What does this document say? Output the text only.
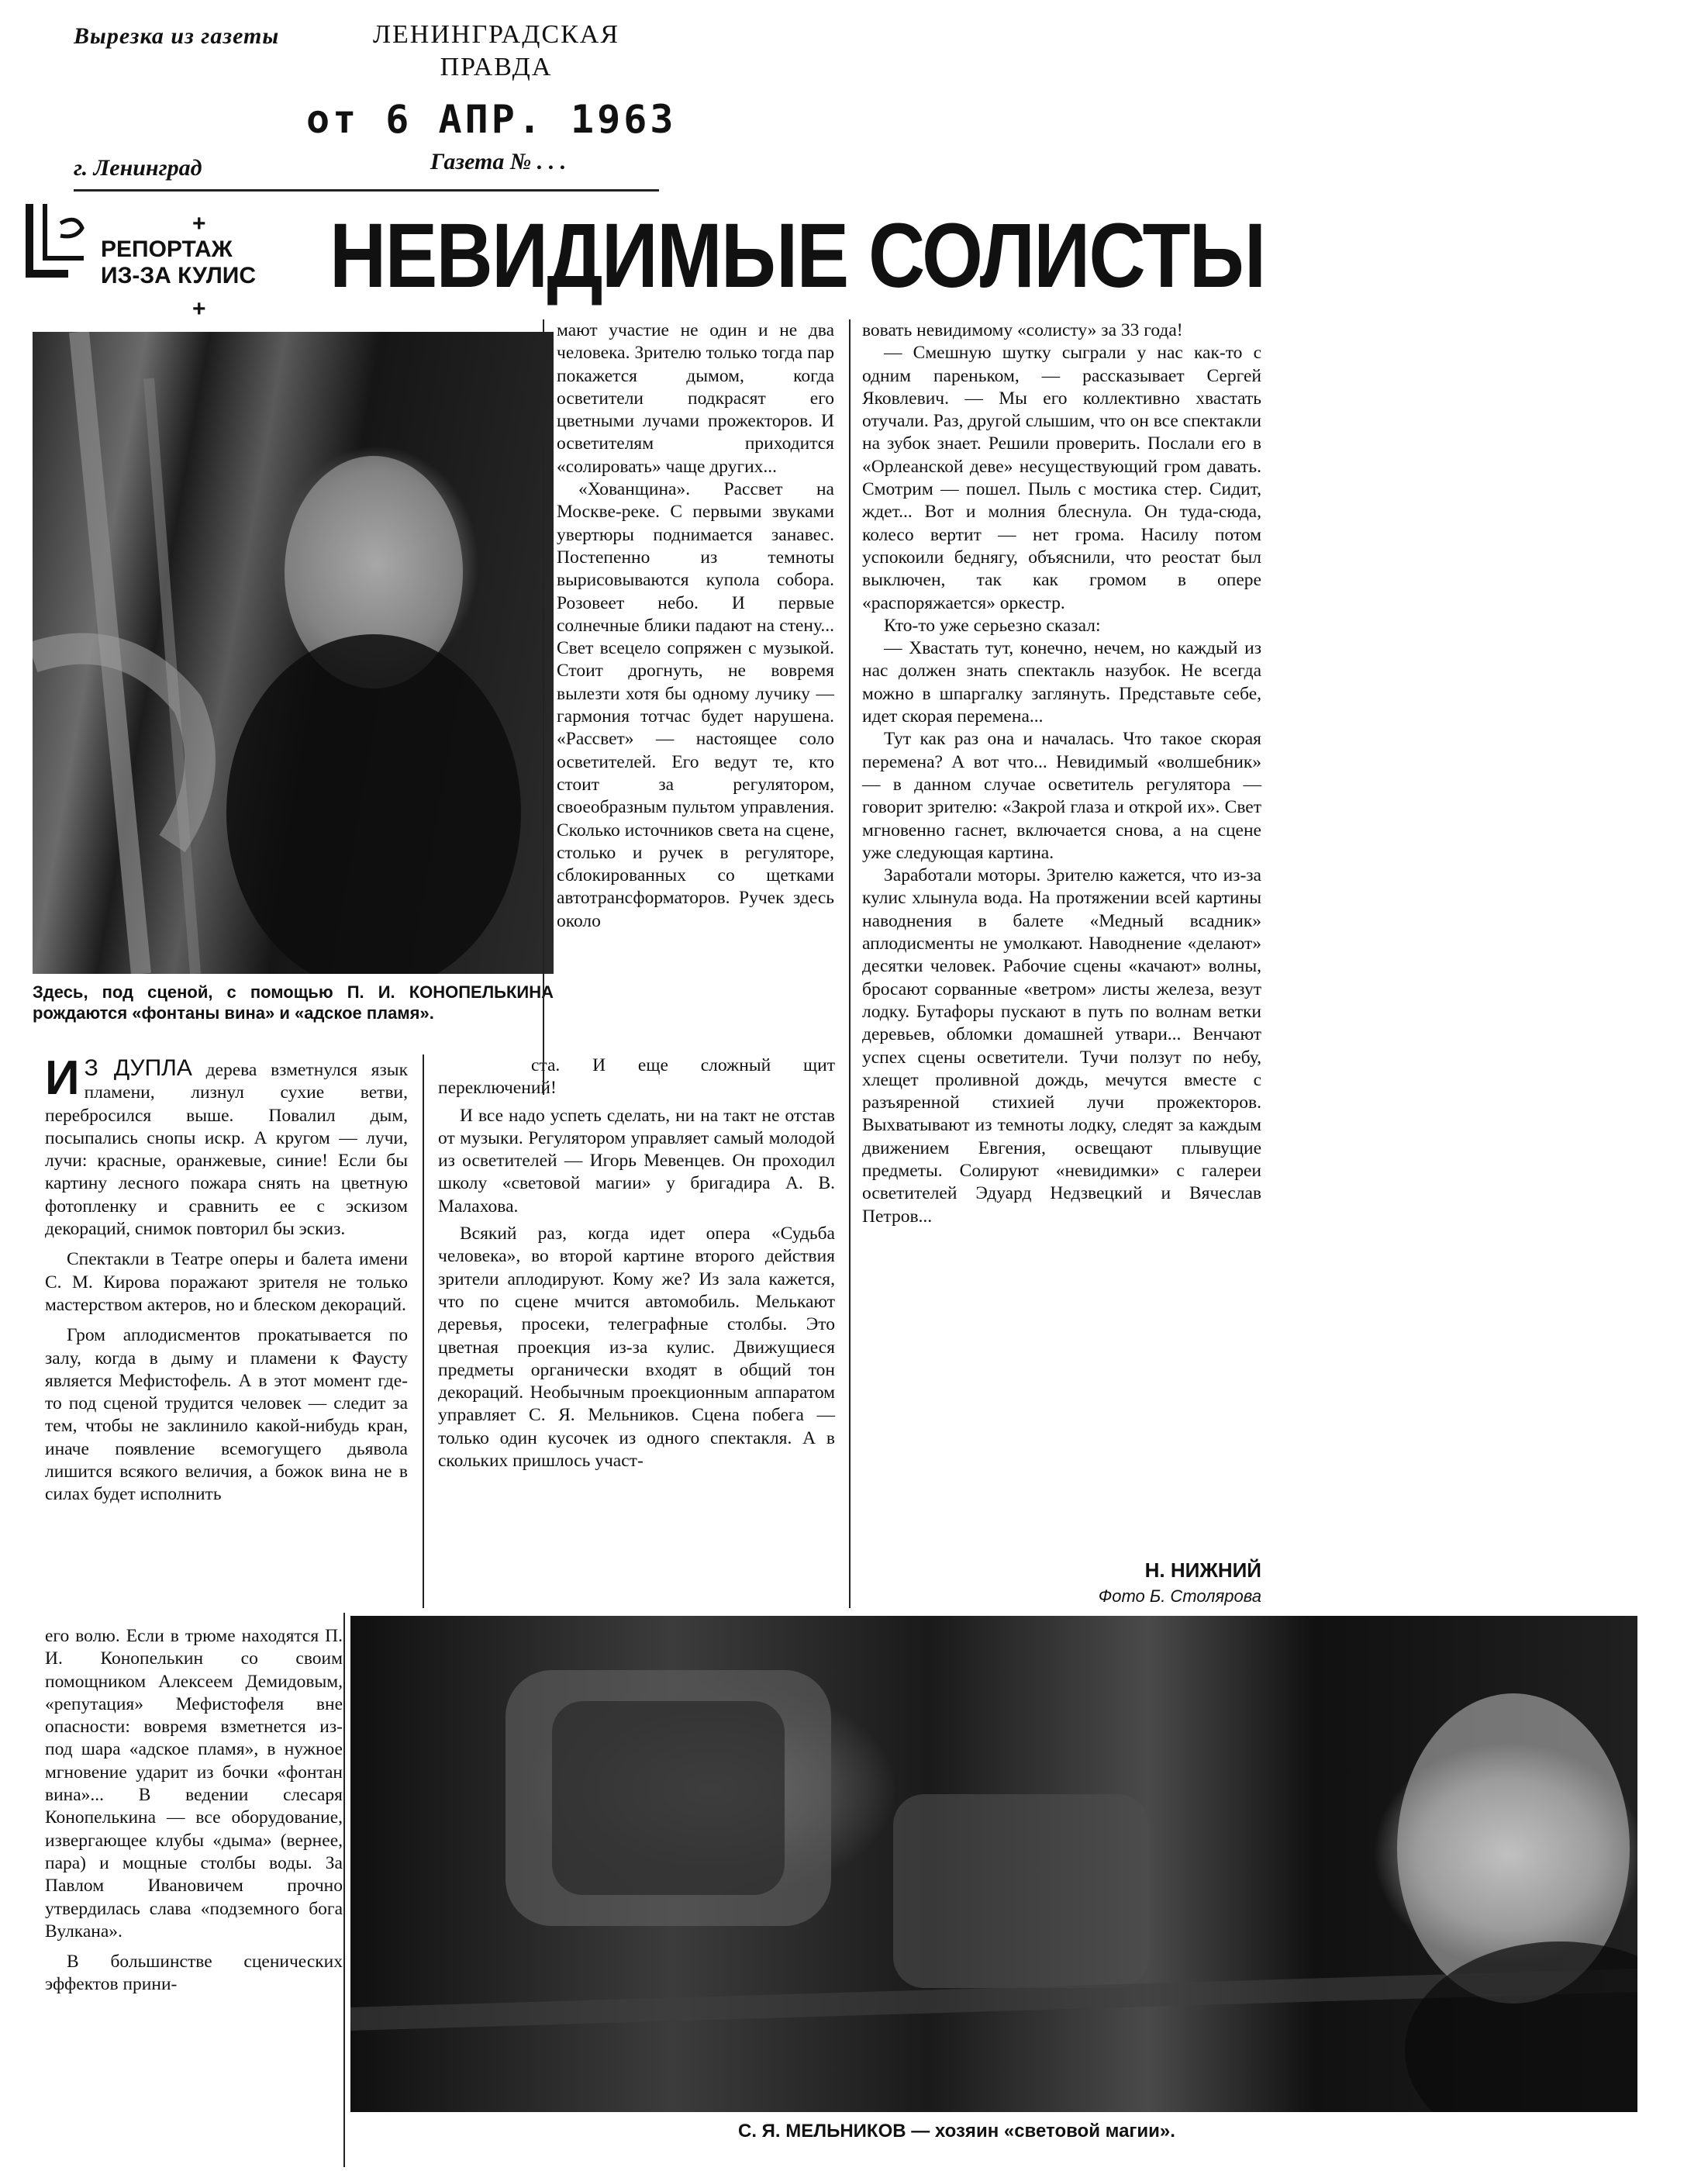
Вырезка из газеты	ЛЕНИНГРАДСКАЯ
ПРАВДА
от 6 АПР. 1963
г. Ленинград	Газета № . . .
+
РЕПОРТАЖ
ИЗ-ЗА КУЛИС
+
НЕВИДИМЫЕ СОЛИСТЫ
Здесь, под сценой, с помощью П. И. КОНОПЕЛЬКИНА рождаются «фонтаны вина» и «адское пламя».

И З ДУПЛА дерева взметнулся язык пламени, лизнул сухие ветви, перебросился выше. Повалил дым, посыпались снопы искр. А кругом — лучи, лучи: красные, оранжевые, синие! Если бы картину лесного пожара снять на цветную фотопленку и сравнить ее с эскизом декораций, снимок повторил бы эскиз.

Спектакли в Театре оперы и балета имени С. М. Кирова поражают зрителя не только мастерством актеров, но и блеском декораций.

Гром аплодисментов прокатывается по залу, когда в дыму и пламени к Фаусту является Мефистофель. А в этот момент где-то под сценой трудится человек — следит за тем, чтобы не заклинило какой-нибудь кран, иначе появление всемогущего дьявола лишится всякого величия, а божок вина не в силах будет исполнить

его волю. Если в трюме находятся П. И. Конопелькин со своим помощником Алексеем Демидовым, «репутация» Мефистофеля вне опасности: вовремя взметнется из-под шара «адское пламя», в нужное мгновение ударит из бочки «фонтан вина»... В ведении слесаря Конопелькина — все оборудование, извергающее клубы «дыма» (вернее, пара) и мощные столбы воды. За Павлом Ивановичем прочно утвердилась слава «подземного бога Вулкана».

В большинстве сценических эффектов прини-

мают участие не один и не два человека. Зрителю только тогда пар покажется дымом, когда осветители подкрасят его цветными лучами прожекторов. И осветителям приходится «солировать» чаще других...

«Хованщина». Рассвет на Москве-реке. С первыми звуками увертюры поднимается занавес. Постепенно из темноты вырисовываются купола собора. Розовеет небо. И первые солнечные блики падают на стену... Свет всецело сопряжен с музыкой. Стоит дрогнуть, не вовремя вылезти хотя бы одному лучику — гармония тотчас будет нарушена. «Рассвет» — настоящее соло осветителей. Его ведут те, кто стоит за регулятором, своеобразным пультом управления. Сколько источников света на сцене, столько и ручек в регуляторе, сблокированных со щетками автотрансформаторов. Ручек здесь около

ста. И еще сложный щит переключений!

И все надо успеть сделать, ни на такт не отстав от музыки. Регулятором управляет самый молодой из осветителей — Игорь Мевенцев. Он проходил школу «световой магии» у бригадира А. В. Малахова.

Всякий раз, когда идет опера «Судьба человека», во второй картине второго действия зрители аплодируют. Кому же? Из зала кажется, что по сцене мчится автомобиль. Мелькают деревья, просеки, телеграфные столбы. Это цветная проекция из-за кулис. Движущиеся предметы органически входят в общий тон декораций. Необычным проекционным аппаратом управляет С. Я. Мельников. Сцена побега — только один кусочек из одного спектакля. А в скольких пришлось участ-

вовать невидимому «солисту» за 33 года!

— Смешную шутку сыграли у нас как-то с одним пареньком, — рассказывает Сергей Яковлевич. — Мы его коллективно хвастать отучали. Раз, другой слышим, что он все спектакли на зубок знает. Решили проверить. Послали его в «Орлеанской деве» несуществующий гром давать. Смотрим — пошел. Пыль с мостика стер. Сидит, ждет... Вот и молния блеснула. Он туда-сюда, колесо вертит — нет грома. Насилу потом успокоили беднягу, объяснили, что реостат был выключен, так как громом в опере «распоряжается» оркестр.

Кто-то уже серьезно сказал:

— Хвастать тут, конечно, нечем, но каждый из нас должен знать спектакль назубок. Не всегда можно в шпаргалку заглянуть. Представьте себе, идет скорая перемена...

Тут как раз она и началась. Что такое скорая перемена? А вот что... Невидимый «волшебник» — в данном случае осветитель регулятора — говорит зрителю: «Закрой глаза и открой их». Свет мгновенно гаснет, включается снова, а на сцене уже следующая картина.

Заработали моторы. Зрителю кажется, что из-за кулис хлынула вода. На протяжении всей картины наводнения в балете «Медный всадник» аплодисменты не умолкают. Наводнение «делают» десятки человек. Рабочие сцены «качают» волны, бросают сорванные «ветром» листы железа, везут лодку. Бутафоры пускают в путь по волнам ветки деревьев, обломки домашней утвари... Венчают успех сцены осветители. Тучи ползут по небу, хлещет проливной дождь, мечутся вместе с разъяренной стихией лучи прожекторов. Выхватывают из темноты лодку, следят за каждым движением Евгения, освещают плывущие предметы. Солируют «невидимки» с галереи осветителей Эдуард Недзвецкий и Вячеслав Петров...

Н. НИЖНИЙ
Фото Б. Столярова
С. Я. МЕЛЬНИКОВ — хозяин «световой магии».
